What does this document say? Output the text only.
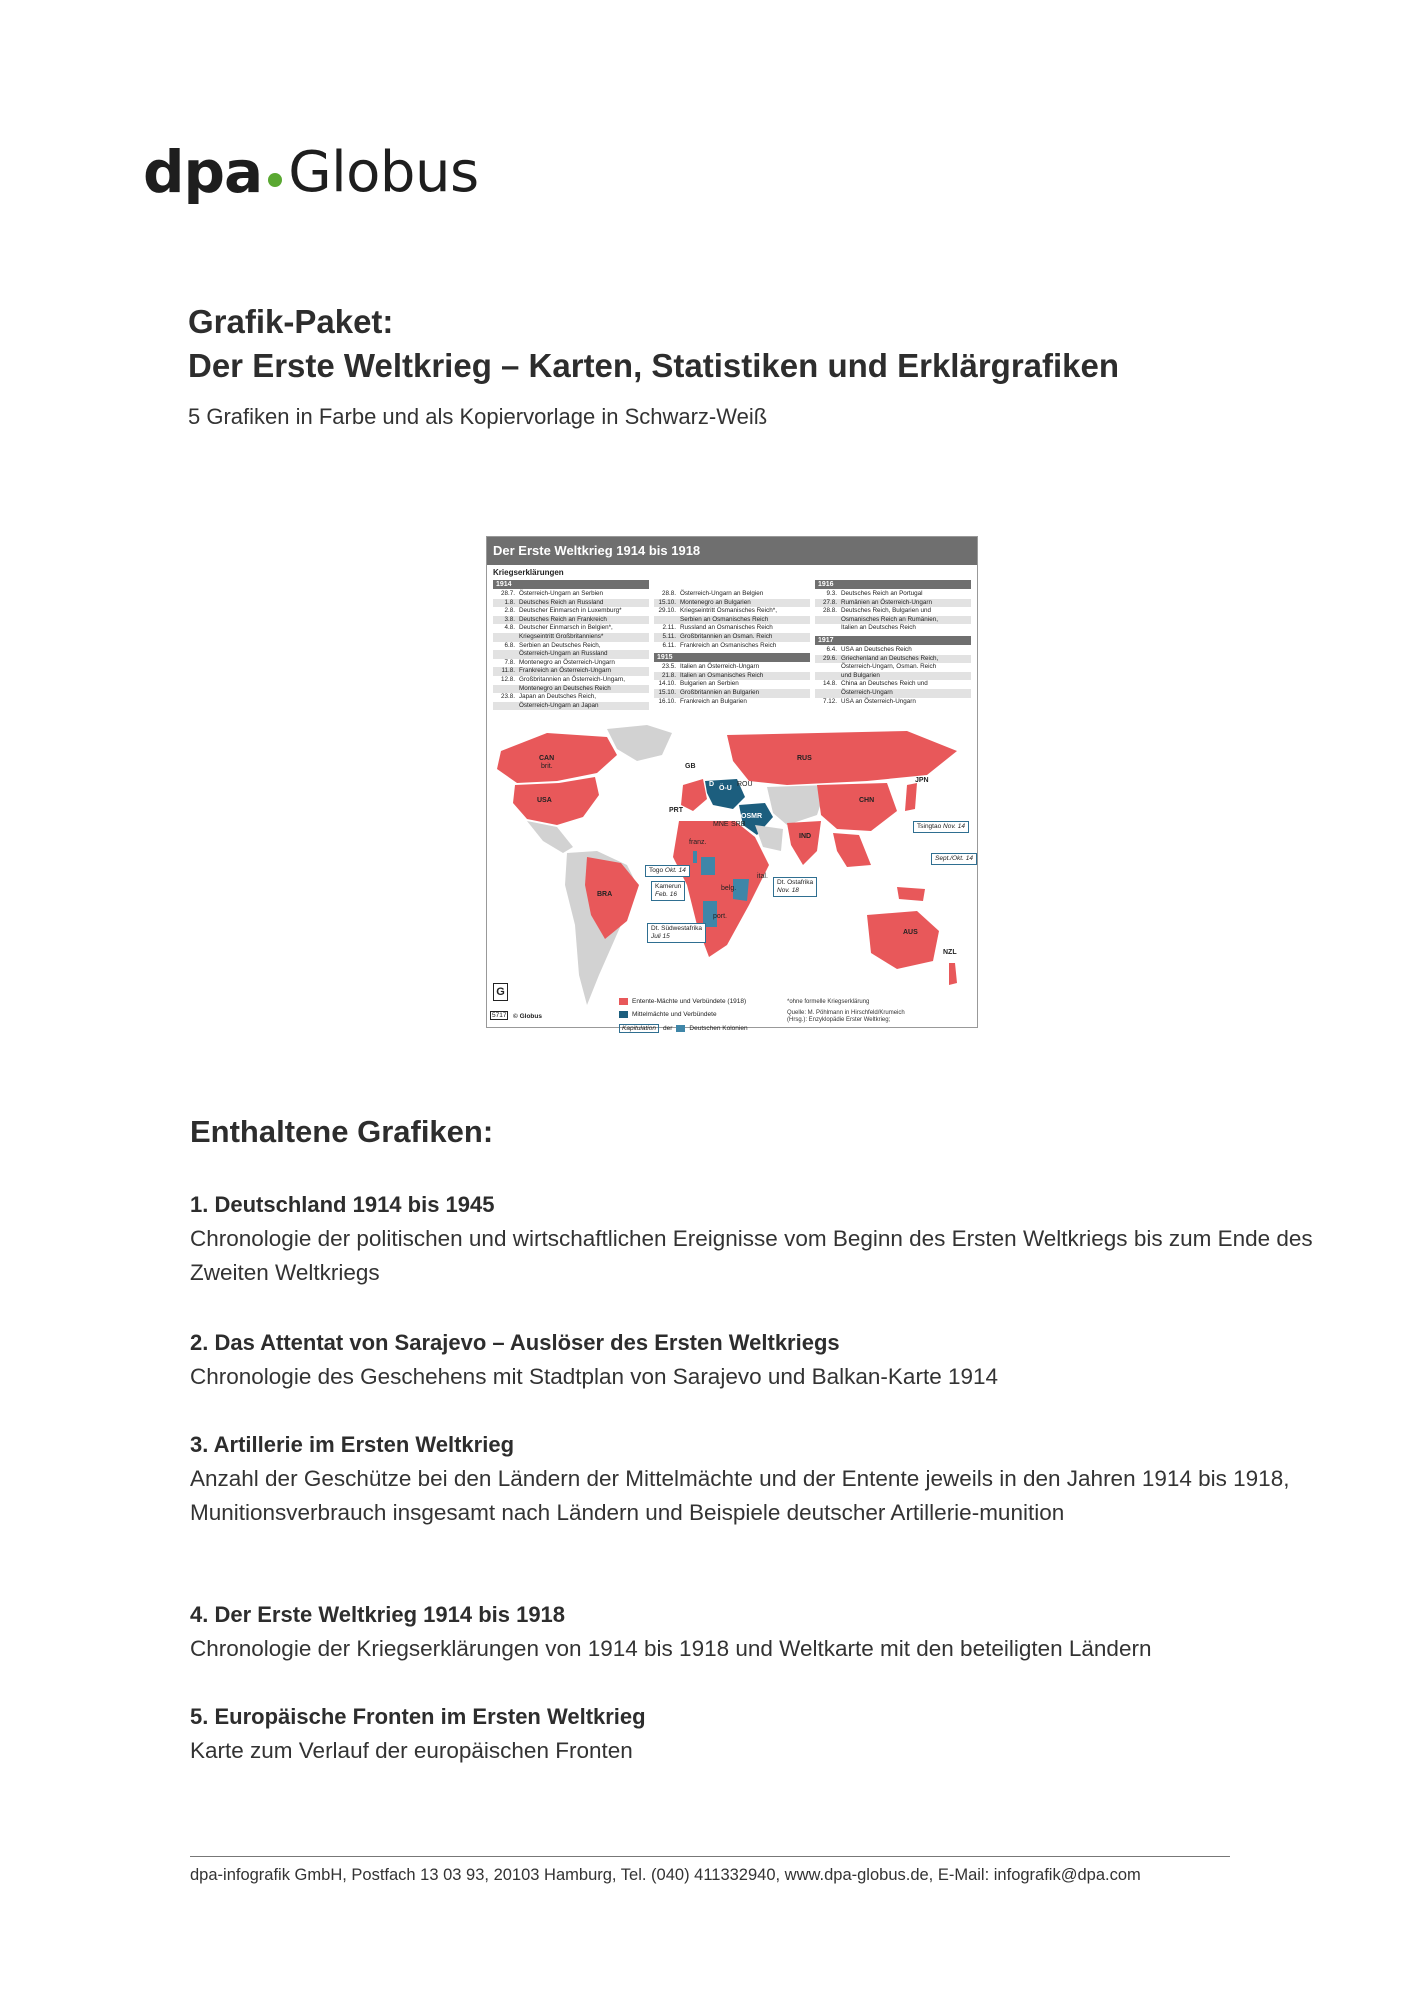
dpa Globus
Grafik-Paket:
Der Erste Weltkrieg – Karten, Statistiken und Erklärgrafiken
5 Grafiken in Farbe und als Kopiervorlage in Schwarz-Weiß
Der Erste Weltkrieg 1914 bis 1918
Kriegserklärungen
1914
28.7. Österreich-Ungarn an Serbien
1.8. Deutsches Reich an Russland
2.8. Deutscher Einmarsch in Luxemburg*
3.8. Deutsches Reich an Frankreich
4.8. Deutscher Einmarsch in Belgien*,
Kriegseintritt Großbritanniens*
6.8. Serbien an Deutsches Reich,
Österreich-Ungarn an Russland
7.8. Montenegro an Österreich-Ungarn
11.8. Frankreich an Österreich-Ungarn
12.8. Großbritannien an Österreich-Ungarn,
Montenegro an Deutsches Reich
23.8. Japan an Deutsches Reich,
Österreich-Ungarn an Japan
28.8. Österreich-Ungarn an Belgien
15.10. Montenegro an Bulgarien
29.10. Kriegseintritt Osmanisches Reich*,
Serbien an Osmanisches Reich
2.11. Russland an Osmanisches Reich
5.11. Großbritannien an Osman. Reich
6.11. Frankreich an Osmanisches Reich
1915
23.5. Italien an Österreich-Ungarn
21.8. Italien an Osmanisches Reich
14.10. Bulgarien an Serbien
15.10. Großbritannien an Bulgarien
16.10. Frankreich an Bulgarien
1916
9.3. Deutsches Reich an Portugal
27.8. Rumänien an Österreich-Ungarn
28.8. Deutsches Reich, Bulgarien und
Osmanisches Reich an Rumänien,
Italien an Deutsches Reich
1917
6.4. USA an Deutsches Reich
29.6. Griechenland an Deutsches Reich,
Österreich-Ungarn, Osman. Reich
und Bulgarien
14.8. China an Deutsches Reich und
Österreich-Ungarn
7.12. USA an Österreich-Ungarn
CAN
brit.
USA
BRA
RUS
GB
Ö-U
D	ROU
OSMR
SRB
MNE
PRT
CHN
JPN
IND
AUS
NZL
franz.
ital.
belg.
port.
Togo Okt. 14
Kamerun
Feb. 16
Dt. Südwestafrika
Juli 15
Dt. Ostafrika
Nov. 18
Tsingtao Nov. 14
Sept./Okt. 14
Entente-Mächte und Verbündete (1918)
Mittelmächte und Verbündete
Kapitulation	der	Deutschen Kolonien
*ohne formelle Kriegserklärung
Quelle: M. Pöhlmann in Hirschfeld/Krumeich
(Hrsg.): Enzyklopädie Erster Weltkrieg;
G
5717	© Globus
Enthaltene Grafiken:
1. Deutschland 1914 bis 1945
Chronologie der politischen und wirtschaftlichen Ereignisse vom Beginn des Ersten Weltkriegs bis zum Ende des Zweiten Weltkriegs
2. Das Attentat von Sarajevo – Auslöser des Ersten Weltkriegs
Chronologie des Geschehens mit Stadtplan von Sarajevo und Balkan-Karte 1914
3. Artillerie im Ersten Weltkrieg
Anzahl der Geschütze bei den Ländern der Mittelmächte und der Entente jeweils in den Jahren 1914 bis 1918, Munitionsverbrauch insgesamt nach Ländern und Beispiele deutscher Artillerie-munition
4. Der Erste Weltkrieg 1914 bis 1918
Chronologie der Kriegserklärungen von 1914 bis 1918 und Weltkarte mit den beteiligten Ländern
5. Europäische Fronten im Ersten Weltkrieg
Karte zum Verlauf der europäischen Fronten
dpa-infografik GmbH, Postfach 13 03 93, 20103 Hamburg, Tel. (040) 411332940, www.dpa-globus.de, E-Mail: infografik@dpa.com
